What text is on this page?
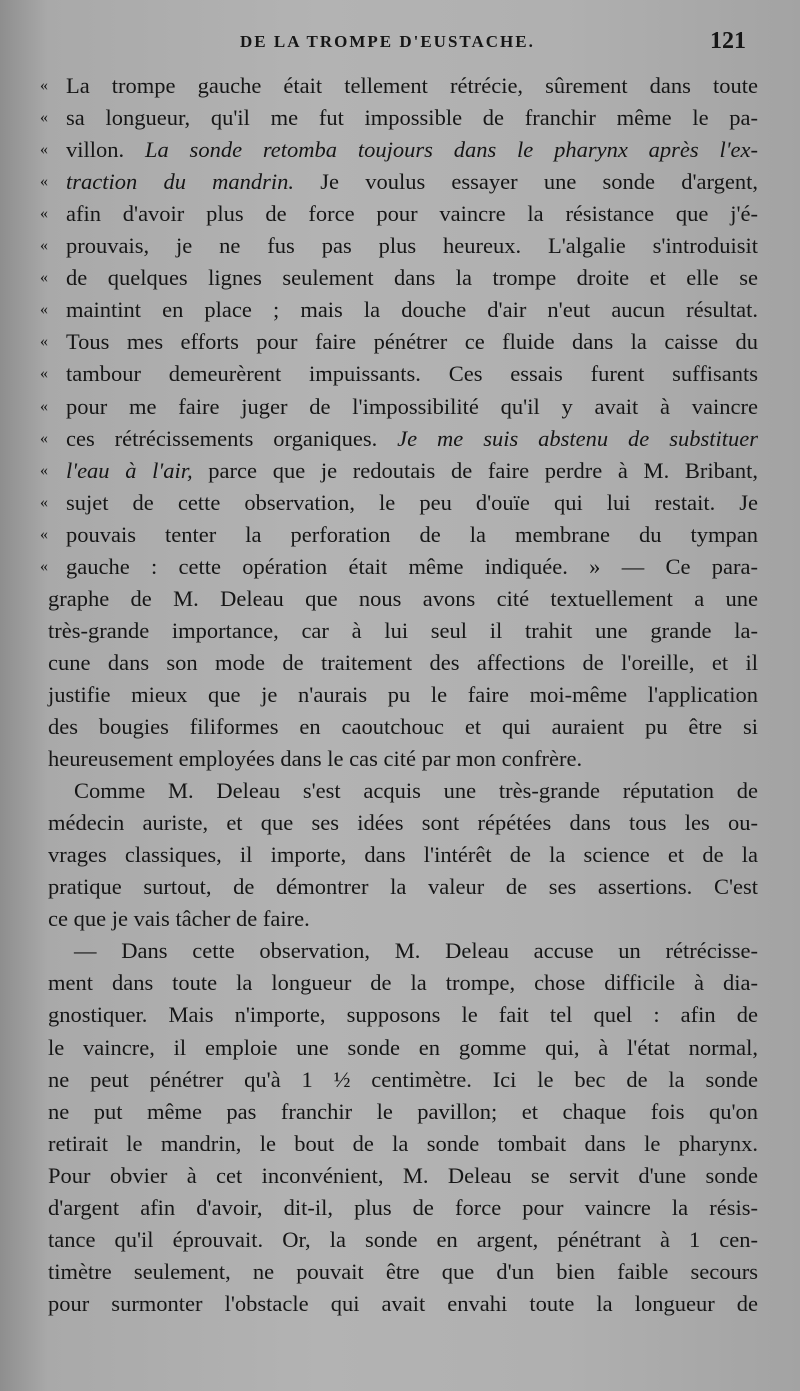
DE LA TROMPE D'EUSTACHE.	121
« La trompe gauche était tellement rétrécie, sûrement dans toute
« sa longueur, qu'il me fut impossible de franchir même le pa-
« villon. La sonde retomba toujours dans le pharynx après l'ex-
« traction du mandrin. Je voulus essayer une sonde d'argent,
« afin d'avoir plus de force pour vaincre la résistance que j'é-
« prouvais, je ne fus pas plus heureux. L'algalie s'introduisit
« de quelques lignes seulement dans la trompe droite et elle se
« maintint en place ; mais la douche d'air n'eut aucun résultat.
« Tous mes efforts pour faire pénétrer ce fluide dans la caisse du
« tambour demeurèrent impuissants. Ces essais furent suffisants
« pour me faire juger de l'impossibilité qu'il y avait à vaincre
« ces rétrécissements organiques. Je me suis abstenu de substituer
« l'eau à l'air, parce que je redoutais de faire perdre à M. Bribant,
« sujet de cette observation, le peu d'ouïe qui lui restait. Je
« pouvais tenter la perforation de la membrane du tympan
« gauche : cette opération était même indiquée. » — Ce para-
graphe de M. Deleau que nous avons cité textuellement a une
très-grande importance, car à lui seul il trahit une grande la-
cune dans son mode de traitement des affections de l'oreille, et il
justifie mieux que je n'aurais pu le faire moi-même l'application
des bougies filiformes en caoutchouc et qui auraient pu être si
heureusement employées dans le cas cité par mon confrère.
Comme M. Deleau s'est acquis une très-grande réputation de
médecin auriste, et que ses idées sont répétées dans tous les ou-
vrages classiques, il importe, dans l'intérêt de la science et de la
pratique surtout, de démontrer la valeur de ses assertions. C'est
ce que je vais tâcher de faire.
— Dans cette observation, M. Deleau accuse un rétrécisse-
ment dans toute la longueur de la trompe, chose difficile à dia-
gnostiquer. Mais n'importe, supposons le fait tel quel : afin de
le vaincre, il emploie une sonde en gomme qui, à l'état normal,
ne peut pénétrer qu'à 1 ½ centimètre. Ici le bec de la sonde
ne put même pas franchir le pavillon; et chaque fois qu'on
retirait le mandrin, le bout de la sonde tombait dans le pharynx.
Pour obvier à cet inconvénient, M. Deleau se servit d'une sonde
d'argent afin d'avoir, dit-il, plus de force pour vaincre la résis-
tance qu'il éprouvait. Or, la sonde en argent, pénétrant à 1 cen-
timètre seulement, ne pouvait être que d'un bien faible secours
pour surmonter l'obstacle qui avait envahi toute la longueur de
